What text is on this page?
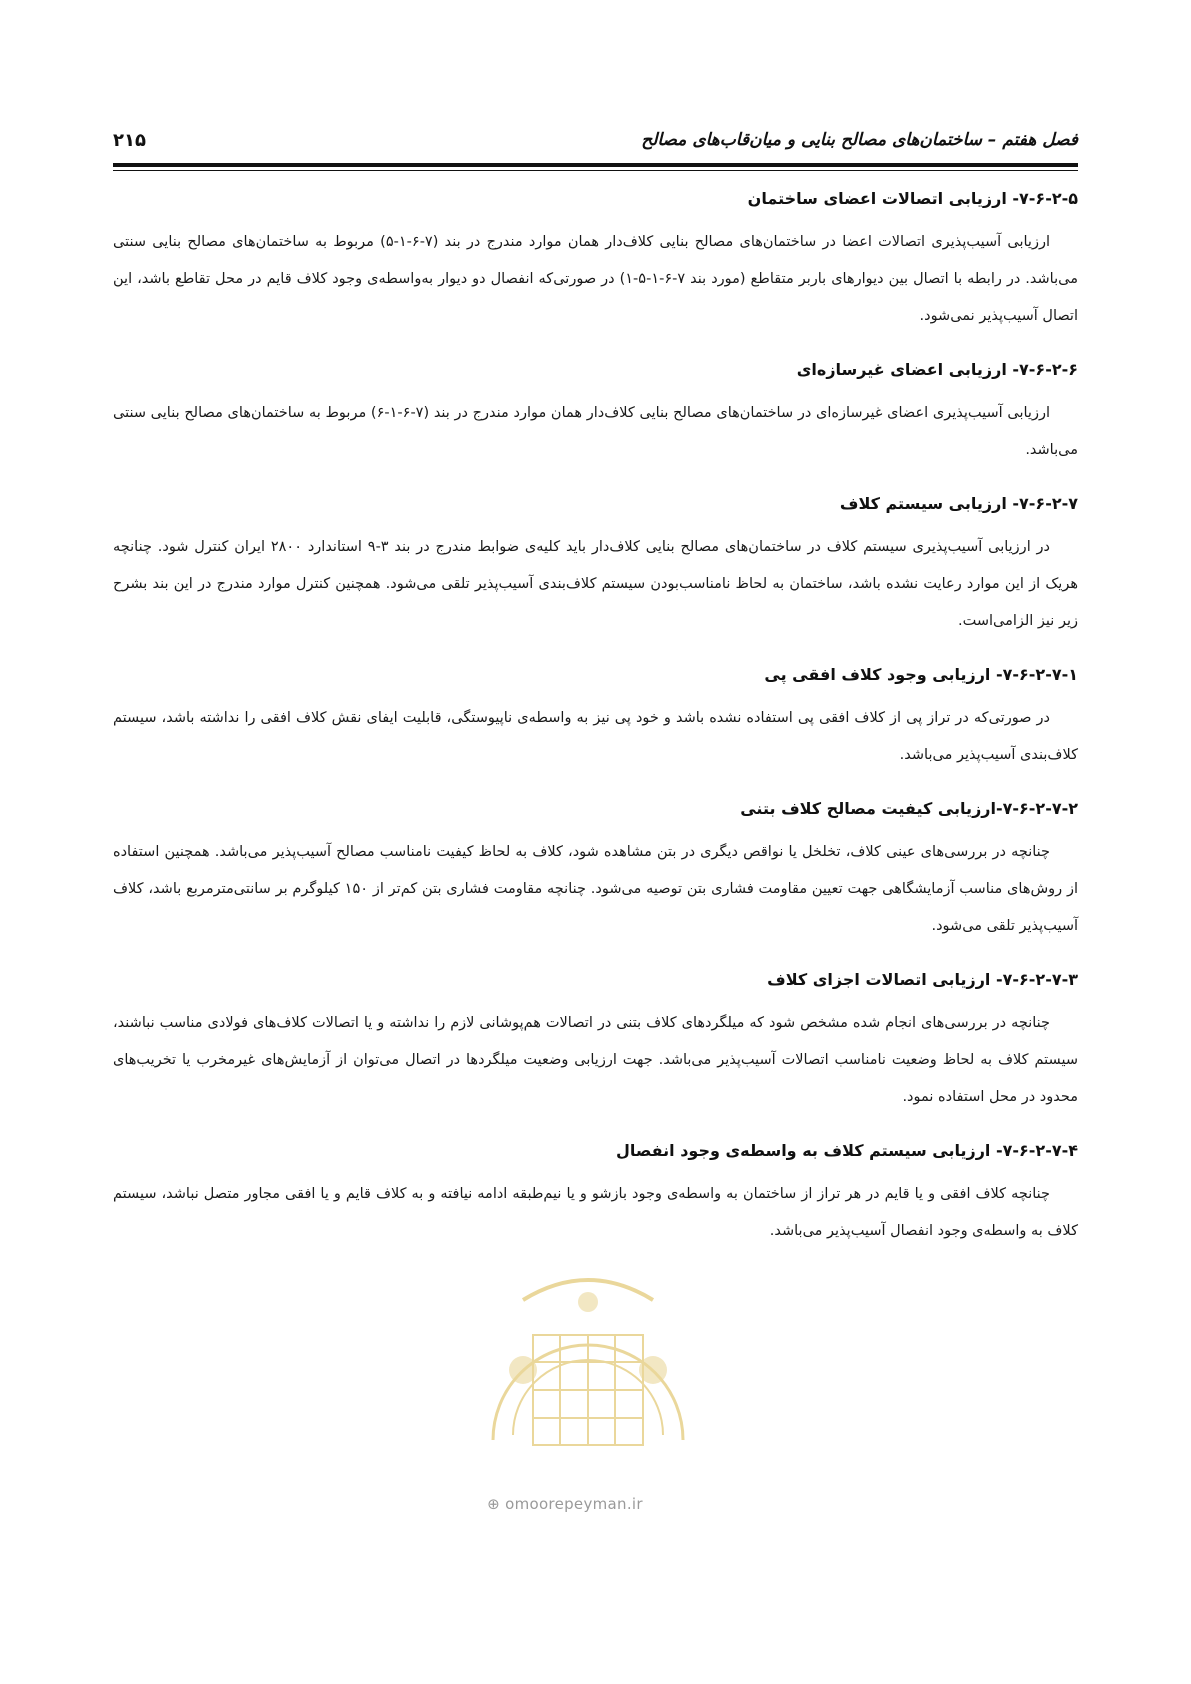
فصل هفتم – ساختمان‌های مصالح بنایی و میان‌قاب‌های مصالح
۲۱۵
۷-۶-۲-۵- ارزیابی اتصالات اعضای ساختمان

ارزیابی آسیب‌پذیری اتصالات اعضا در ساختمان‌های مصالح بنایی کلاف‌دار همان موارد مندرج در بند (۷-۶-۱-۵) مربوط به ساختمان‌های مصالح بنایی سنتی می‌باشد. در رابطه با اتصال بین دیوارهای باربر متقاطع (مورد بند ۷-۶-۱-۵-۱) در صورتی‌که انفصال دو دیوار به‌واسطه‌ی وجود کلاف قایم در محل تقاطع باشد، این اتصال آسیب‌پذیر نمی‌شود.

۷-۶-۲-۶- ارزیابی اعضای غیرسازه‌ای

ارزیابی آسیب‌پذیری اعضای غیرسازه‌ای در ساختمان‌های مصالح بنایی کلاف‌دار همان موارد مندرج در بند (۷-۶-۱-۶) مربوط به ساختمان‌های مصالح بنایی سنتی می‌باشد.

۷-۶-۲-۷- ارزیابی سیستم کلاف

در ارزیابی آسیب‌پذیری سیستم کلاف در ساختمان‌های مصالح بنایی کلاف‌دار باید کلیه‌ی ضوابط مندرج در بند ۳-۹ استاندارد ۲۸۰۰ ایران کنترل شود. چنانچه هریک از این موارد رعایت نشده باشد، ساختمان به لحاظ نامناسب‌بودن سیستم کلاف‌بندی آسیب‌پذیر تلقی می‌شود. همچنین کنترل موارد مندرج در این بند بشرح زیر نیز الزامی‌است.

۷-۶-۲-۷-۱- ارزیابی وجود کلاف افقی پی

در صورتی‌که در تراز پی از کلاف افقی پی استفاده نشده باشد و خود پی نیز به واسطه‌ی ناپیوستگی، قابلیت ایفای نقش کلاف افقی را نداشته باشد، سیستم کلاف‌بندی آسیب‌پذیر می‌باشد.

۷-۶-۲-۷-۲-ارزیابی کیفیت مصالح کلاف بتنی

چنانچه در بررسی‌های عینی کلاف، تخلخل یا نواقص دیگری در بتن مشاهده شود، کلاف به لحاظ کیفیت نامناسب مصالح آسیب‌پذیر می‌باشد. همچنین استفاده از روش‌های مناسب آزمایشگاهی جهت تعیین مقاومت فشاری بتن توصیه می‌شود. چنانچه مقاومت فشاری بتن کم‌تر از ۱۵۰ کیلوگرم بر سانتی‌مترمربع باشد، کلاف آسیب‌پذیر تلقی می‌شود.

۷-۶-۲-۷-۳- ارزیابی اتصالات اجزای کلاف

چنانچه در بررسی‌های انجام شده مشخص شود که میلگردهای کلاف بتنی در اتصالات هم‌پوشانی لازم را نداشته و یا اتصالات کلاف‌های فولادی مناسب نباشند، سیستم کلاف به لحاظ وضعیت نامناسب اتصالات آسیب‌پذیر می‌باشد. جهت ارزیابی وضعیت میلگردها در اتصال می‌توان از آزمایش‌های غیرمخرب یا تخریب‌های محدود در محل استفاده نمود.

۷-۶-۲-۷-۴- ارزیابی سیستم کلاف به واسطه‌ی وجود انفصال

چنانچه کلاف افقی و یا قایم در هر تراز از ساختمان به واسطه‌ی وجود بازشو و یا نیم‌طبقه ادامه نیافته و به کلاف قایم و یا افقی مجاور متصل نباشد، سیستم کلاف به واسطه‌ی وجود انفصال آسیب‌پذیر می‌باشد.

⊕ omoorepeyman.ir
